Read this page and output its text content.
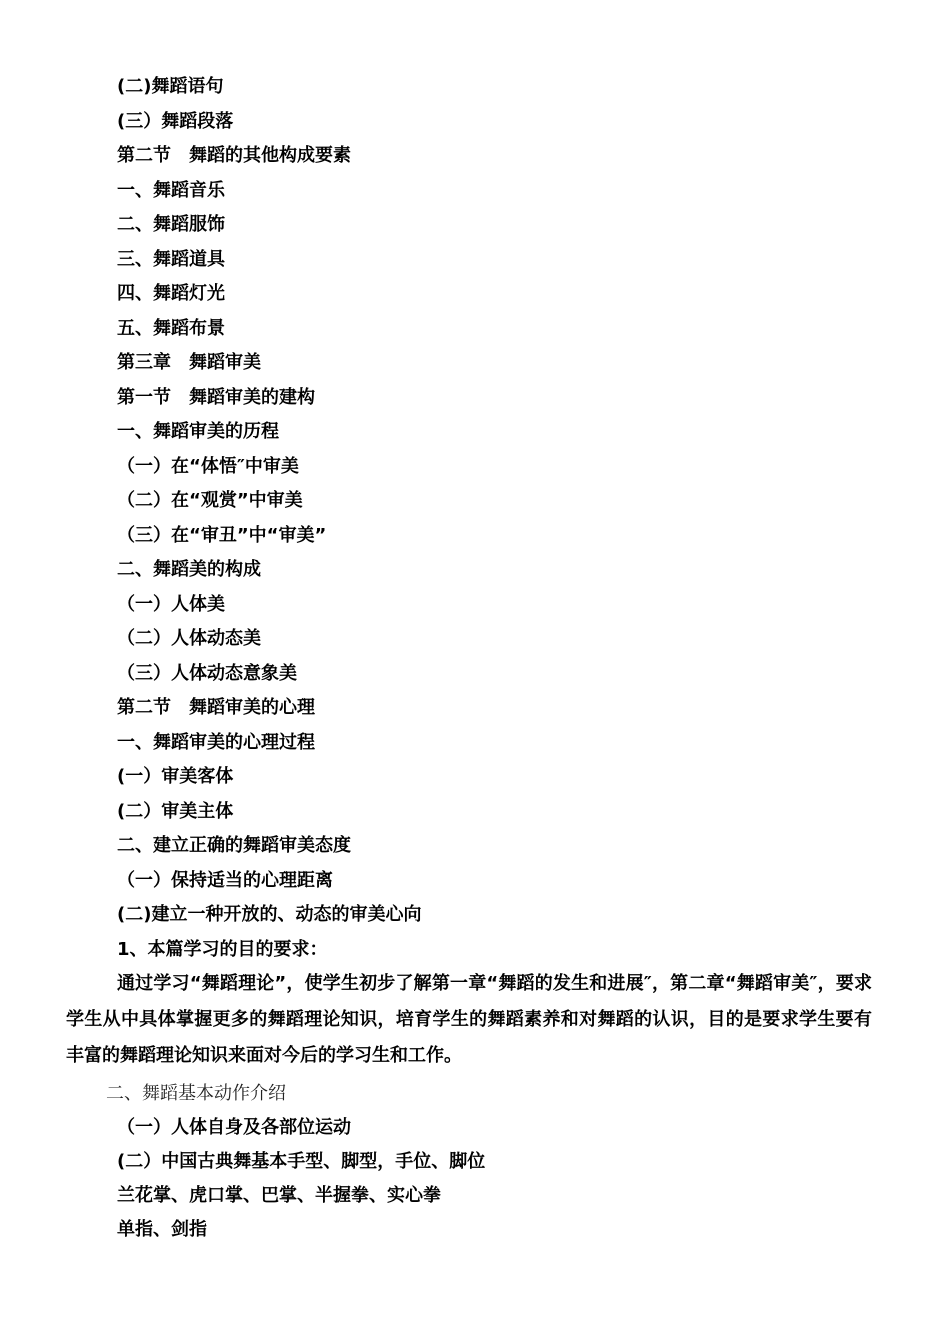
(二)舞蹈语句
(三）舞蹈段落
第二节　舞蹈的其他构成要素
一、舞蹈音乐
二、舞蹈服饰
三、舞蹈道具
四、舞蹈灯光
五、舞蹈布景
第三章　舞蹈审美
第一节　舞蹈审美的建构
一、舞蹈审美的历程
（一）在“体悟″中审美
（二）在“观赏”中审美
（三）在“审丑”中“审美”
二、舞蹈美的构成
（一）人体美
（二）人体动态美
（三）人体动态意象美
第二节　舞蹈审美的心理
一、舞蹈审美的心理过程
(一）审美客体
(二）审美主体
二、建立正确的舞蹈审美态度
（一）保持适当的心理距离
(二)建立一种开放的、动态的审美心向
1、本篇学习的目的要求：
通过学习“舞蹈理论”，使学生初步了解第一章“舞蹈的发生和进展″，第二章“舞蹈审美″，要求学生从中具体掌握更多的舞蹈理论知识，培育学生的舞蹈素养和对舞蹈的认识，目的是要求学生要有丰富的舞蹈理论知识来面对今后的学习生和工作。
二、舞蹈基本动作介绍
（一）人体自身及各部位运动
(二）中国古典舞基本手型、脚型，手位、脚位
兰花掌、虎口掌、巴掌、半握拳、实心拳
单指、剑指
